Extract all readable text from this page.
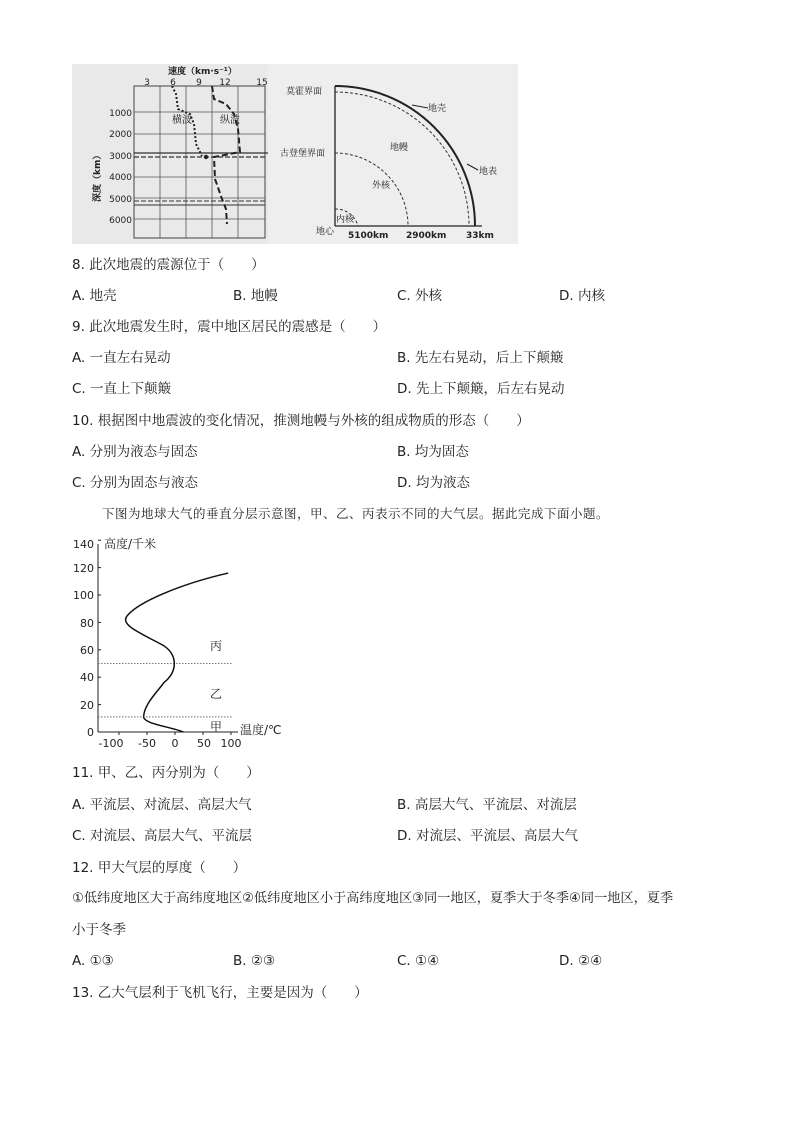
速度（km·s⁻¹）
3 6 9 12	15
1000
2000
3000
4000
5000
6000
深度（km）
横波	纵波
莫霍界面
古登堡界面
地壳
地表
地幔
外核
内核
地心 5100km 2900km 33km
8. 此次地震的震源位于（　　）
A. 地壳	B. 地幔	C. 外核	D. 内核
9. 此次地震发生时，震中地区居民的震感是（　　）
A. 一直左右晃动	B. 先左右晃动，后上下颠簸
C. 一直上下颠簸	D. 先上下颠簸，后左右晃动
10. 根据图中地震波的变化情况，推测地幔与外核的组成物质的形态（　　）
A. 分别为液态与固态	B. 均为固态
C. 分别为固态与液态	D. 均为液态
下图为地球大气的垂直分层示意图，甲、乙、丙表示不同的大气层。据此完成下面小题。
0
20
40
60
80
100
120
140
-100 -50 0 50 100
高度/千米
温度/℃
甲
乙
丙
11. 甲、乙、丙分别为（　　）
A. 平流层、对流层、高层大气	B. 高层大气、平流层、对流层
C. 对流层、高层大气、平流层	D. 对流层、平流层、高层大气
12. 甲大气层的厚度（　　）
①低纬度地区大于高纬度地区②低纬度地区小于高纬度地区③同一地区，夏季大于冬季④同一地区，夏季
小于冬季
A. ①③	B. ②③	C. ①④	D. ②④
13. 乙大气层利于飞机飞行，主要是因为（　　）
